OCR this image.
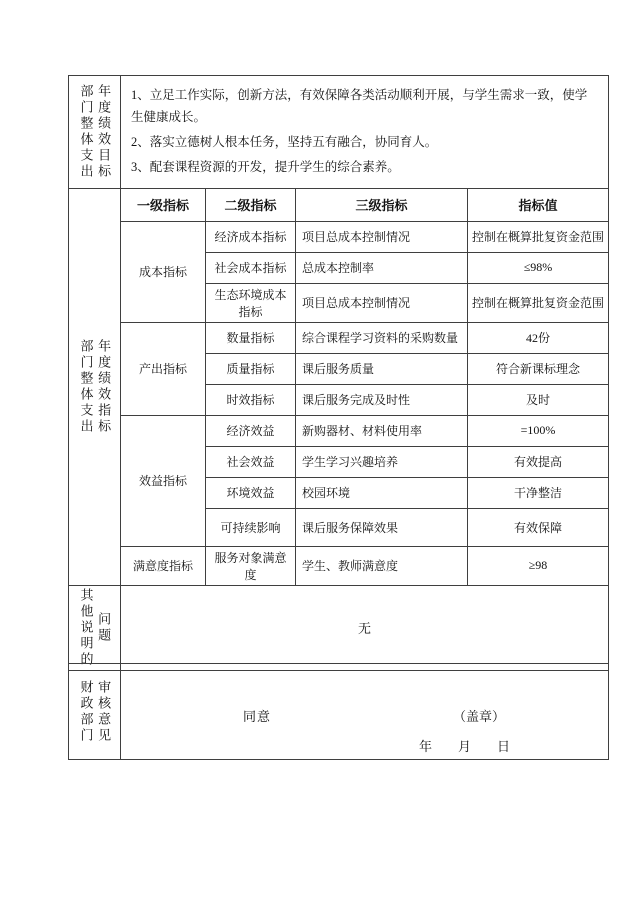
部门整体支出 年度绩效目标	1、立足工作实际，创新方法，有效保障各类活动顺利开展，与学生需求一致，使学生健康成长。

2、落实立德树人根本任务，坚持五有融合，协同育人。

3、配套课程资源的开发，提升学生的综合素养。

部门整体支出 年度绩效指标	一级指标	二级指标	三级指标	指标值
	成本指标	经济成本指标	项目总成本控制情况	控制在概算批复资金范围
		社会成本指标	总成本控制率	≤98%
		生态环境成本指标	项目总成本控制情况	控制在概算批复资金范围
	产出指标	数量指标	综合课程学习资料的采购数量	42份
		质量指标	课后服务质量	符合新课标理念
		时效指标	课后服务完成及时性	及时
	效益指标	经济效益	新购器材、材料使用率	=100%
		社会效益	学生学习兴趣培养	有效提高
		环境效益	校园环境	干净整洁
		可持续影响	课后服务保障效果	有效保障
	满意度指标	服务对象满意度	学生、教师满意度	≥98

其他说明的 问题	无			
财政部门 审核意见	同意	（盖章）
年　　月　　日
